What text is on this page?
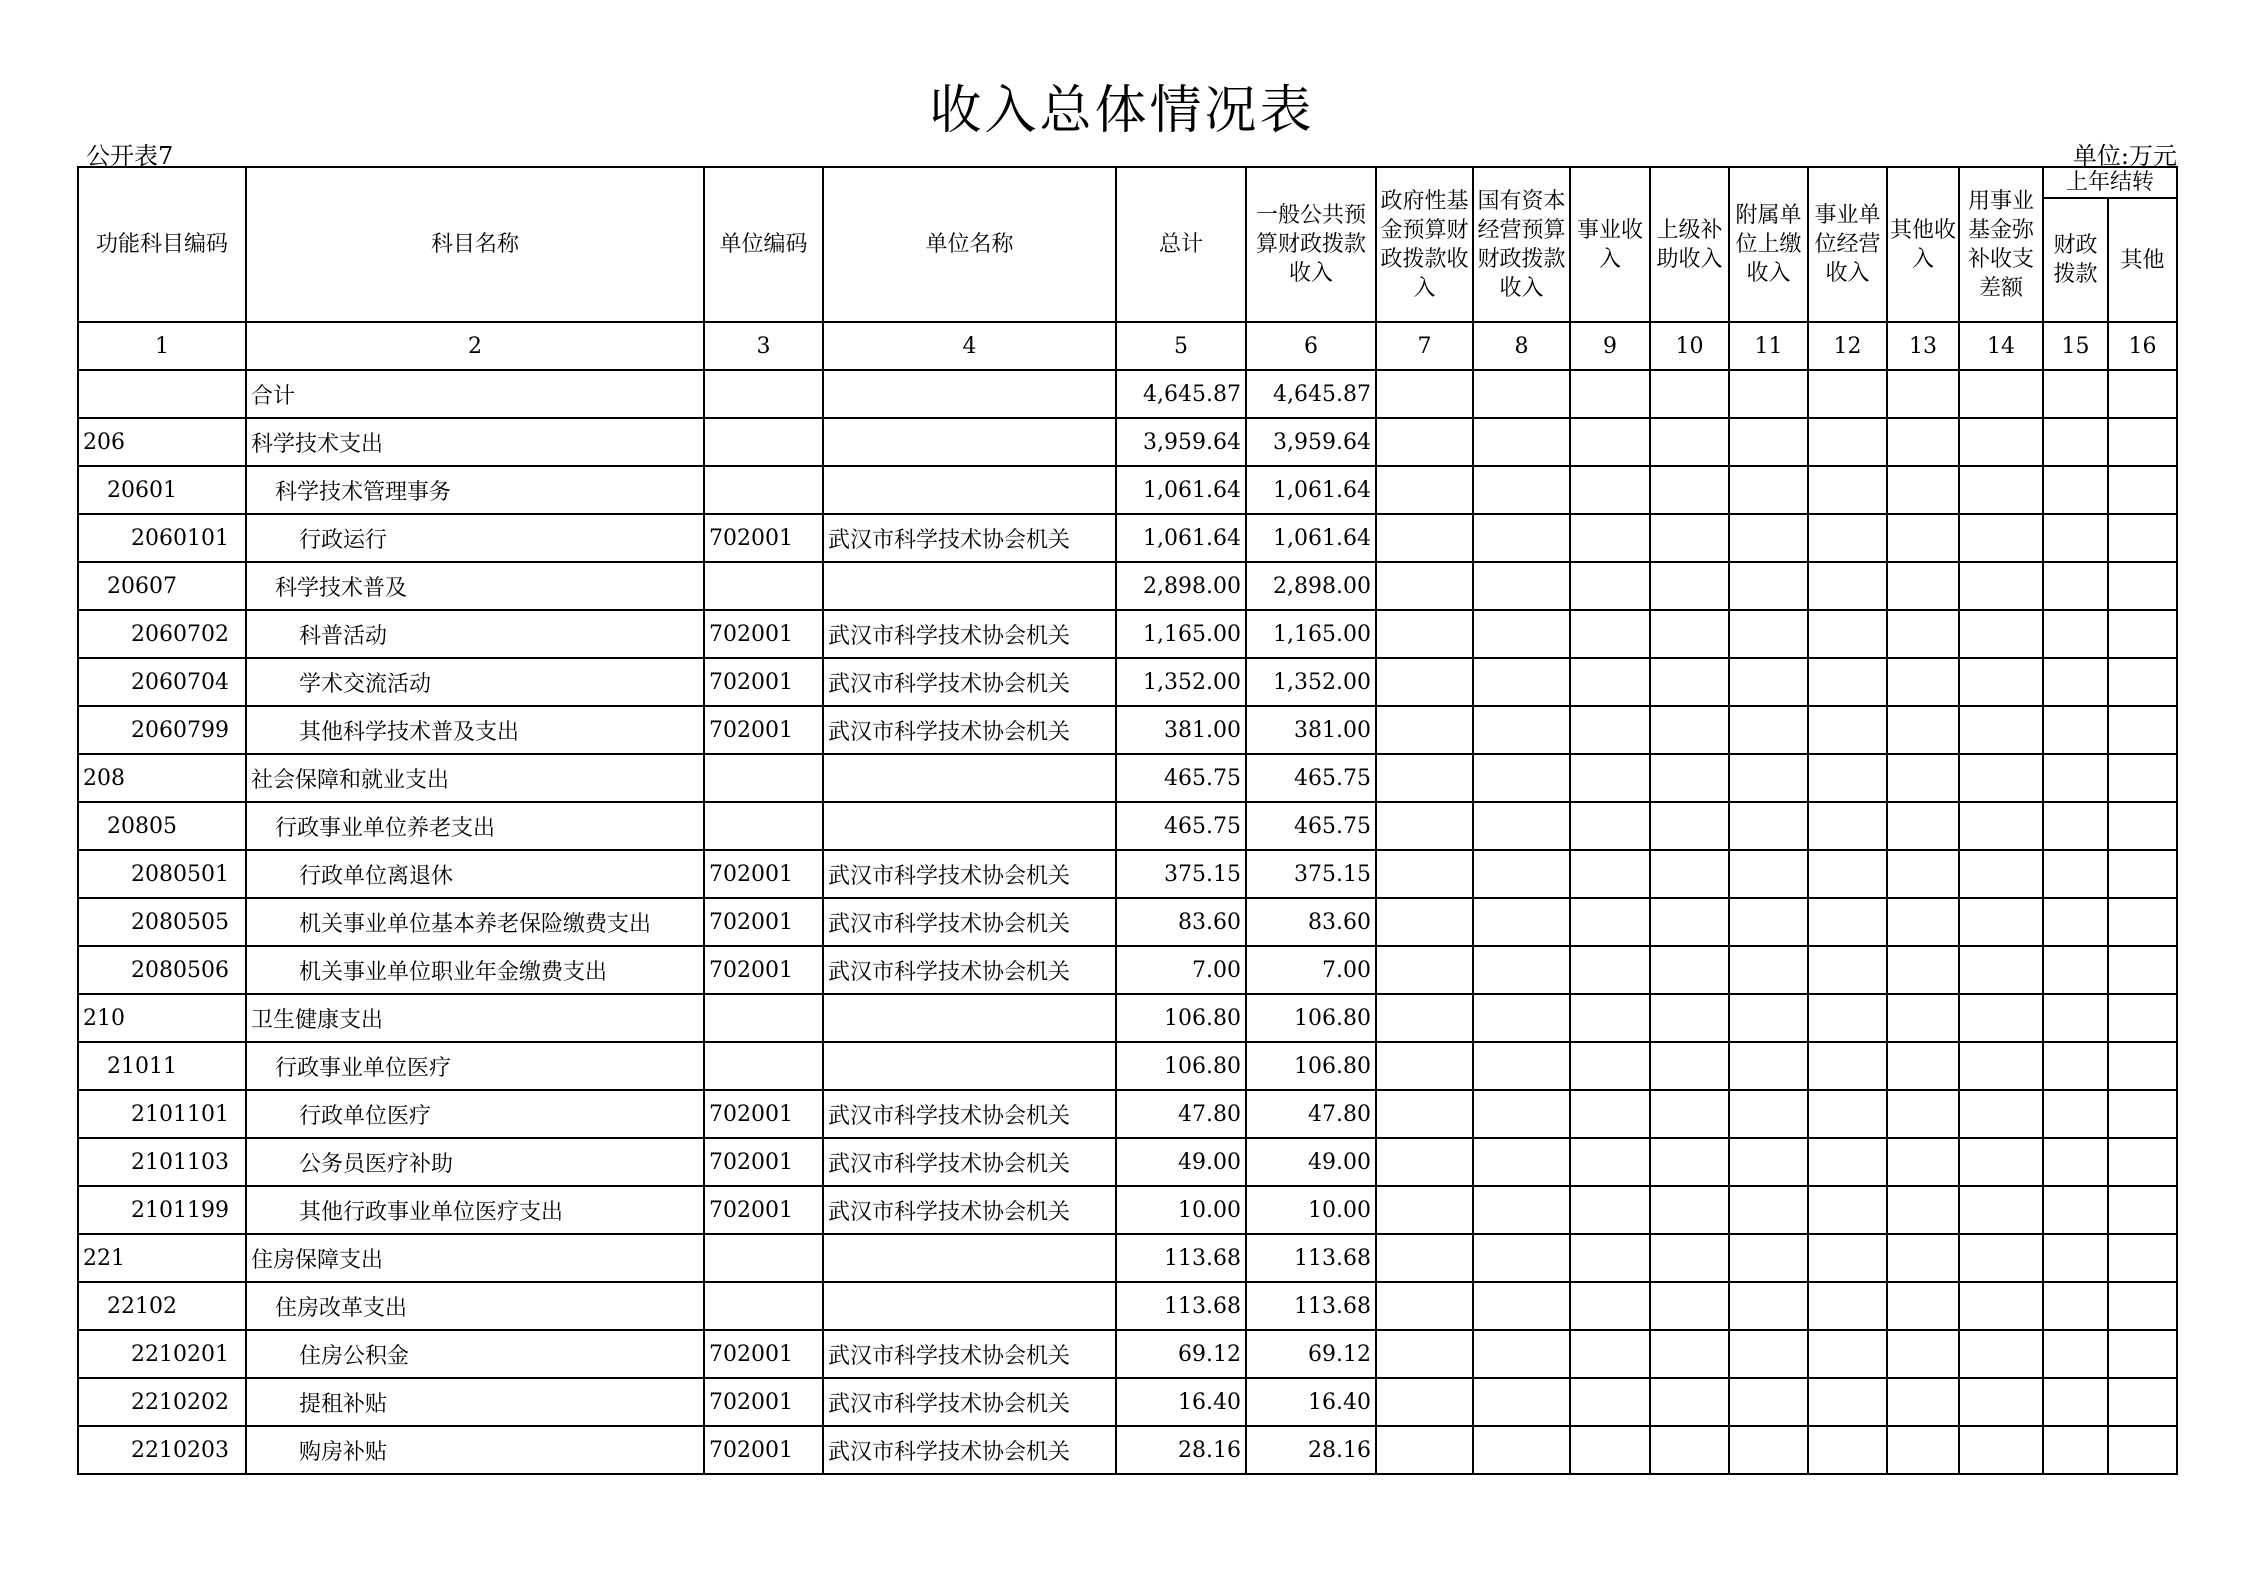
收入总体情况表
公开表7	单位:万元
功能科目编码	科目名称	单位编码	单位名称	总计	一般公共预算财政拨款收入	政府性基金预算财政拨款收入	国有资本经营预算财政拨款收入	事业收入	上级补助收入	附属单位上缴收入	事业单位经营收入	其他收入	用事业基金弥补收支差额	上年结转	
														财政拨款	其他
1	2	3	4	5	6	7	8	9	10	11	12	13	14	15	16
	合计			4,645.87	4,645.87										
206	科学技术支出			3,959.64	3,959.64										
20601	科学技术管理事务			1,061.64	1,061.64										
2060101	行政运行	702001	武汉市科学技术协会机关	1,061.64	1,061.64										
20607	科学技术普及			2,898.00	2,898.00										
2060702	科普活动	702001	武汉市科学技术协会机关	1,165.00	1,165.00										
2060704	学术交流活动	702001	武汉市科学技术协会机关	1,352.00	1,352.00										
2060799	其他科学技术普及支出	702001	武汉市科学技术协会机关	381.00	381.00										
208	社会保障和就业支出			465.75	465.75										
20805	行政事业单位养老支出			465.75	465.75										
2080501	行政单位离退休	702001	武汉市科学技术协会机关	375.15	375.15										
2080505	机关事业单位基本养老保险缴费支出	702001	武汉市科学技术协会机关	83.60	83.60										
2080506	机关事业单位职业年金缴费支出	702001	武汉市科学技术协会机关	7.00	7.00										
210	卫生健康支出			106.80	106.80										
21011	行政事业单位医疗			106.80	106.80										
2101101	行政单位医疗	702001	武汉市科学技术协会机关	47.80	47.80										
2101103	公务员医疗补助	702001	武汉市科学技术协会机关	49.00	49.00										
2101199	其他行政事业单位医疗支出	702001	武汉市科学技术协会机关	10.00	10.00										
221	住房保障支出			113.68	113.68										
22102	住房改革支出			113.68	113.68										
2210201	住房公积金	702001	武汉市科学技术协会机关	69.12	69.12										
2210202	提租补贴	702001	武汉市科学技术协会机关	16.40	16.40										
2210203	购房补贴	702001	武汉市科学技术协会机关	28.16	28.16										
